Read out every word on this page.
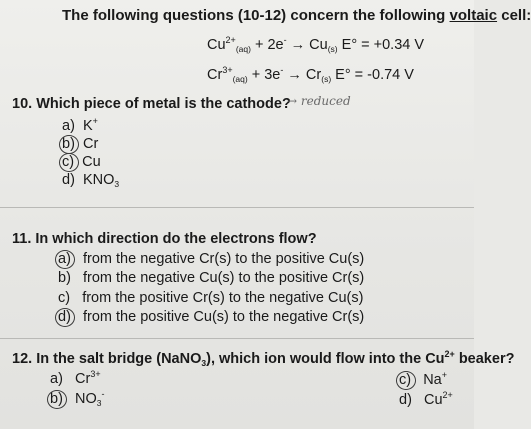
The following questions (10-12) concern the following voltaic cell:
$Cu^{2+}_{(aq)} + 2e^- \to Cu_{(s)}$ E° = +0.34 V
$Cr^{3+}_{(aq)} + 3e^- \to Cr_{(s)}$ E° = -0.74 V
10. Which piece of metal is the cathode?
→ reduced
a) K+
b) Cr
c) Cu
d) $KNO_3$
11. In which direction do the electrons flow?
a) from the negative Cr(s) to the positive Cu(s)
b) from the negative Cu(s) to the positive Cr(s)
c) from the positive Cr(s) to the negative Cu(s)
d) from the positive Cu(s) to the negative Cr(s)
12. In the salt bridge (NaNO$_3$), which ion would flow into the $Cu^{2+}$ beaker?
a) $Cr^{3+}$
b) $NO_3^-$
c) Na+
d) $Cu^{2+}$
